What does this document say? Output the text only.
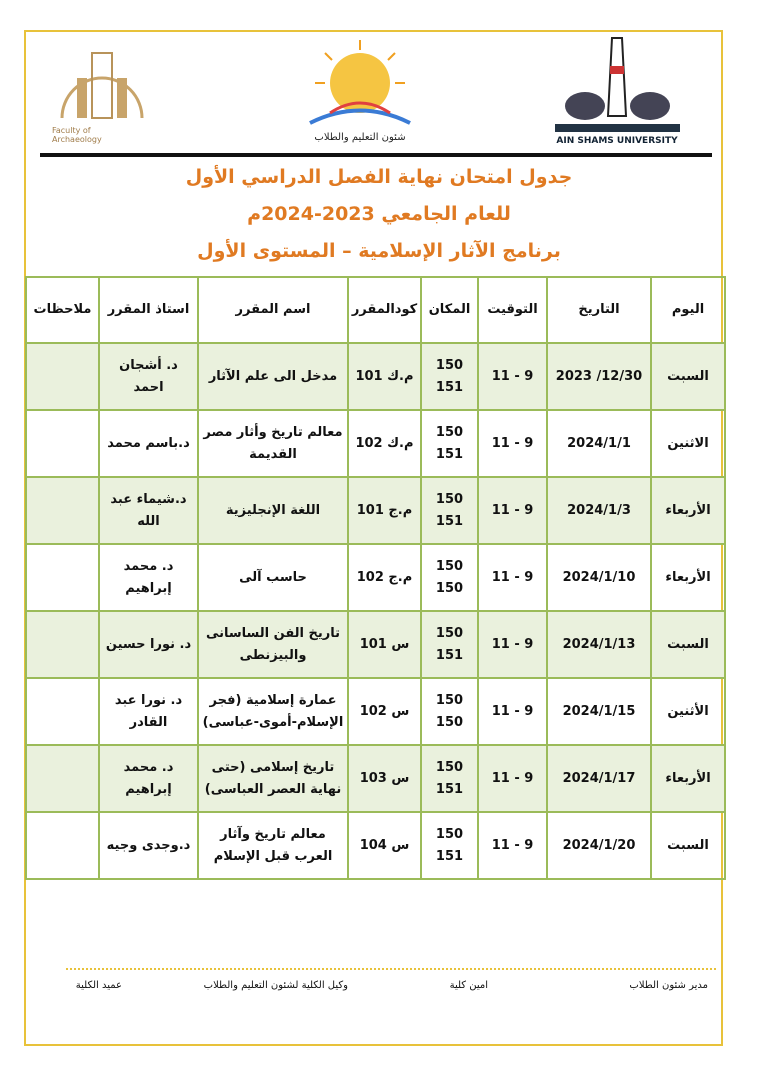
Faculty of
Archaeology	شئون التعليم والطلاب	AIN SHAMS UNIVERSITY
جدول امتحان نهاية الفصل الدراسي الأول
للعام الجامعي 2023-2024م
برنامج الآثار الإسلامية – المستوى الأول
اليوم	التاريخ	التوقيت	المكان	كودالمقرر	اسم المقرر	استاذ المقرر	ملاحظات
السبت	12/30/ 2023	9 - 11	150 151	م.ك 101	مدخل الى علم الآثار	د. أشجان احمد	
الاثنين	2024/1/1	9 - 11	150 151	م.ك 102	معالم تاريخ وأثار مصر القديمة	د.باسم محمد	
الأربعاء	2024/1/3	9 - 11	150 151	م.ج 101	اللغة الإنجليزية	د.شيماء عبد الله	
الأربعاء	2024/1/10	9 - 11	150 150	م.ج 102	حاسب آلى	د. محمد إبراهيم	
السبت	2024/1/13	9 - 11	150 151	س 101	تاريخ الفن الساسانى والبيزنطى	د. نورا حسين	
الأثنين	2024/1/15	9 - 11	150 150	س 102	عمارة إسلامية (فجر الإسلام-أموى-عباسى)	د. نورا عبد القادر	
الأربعاء	2024/1/17	9 - 11	150 151	س 103	تاريخ إسلامى (حتى نهاية العصر العباسى)	د. محمد إبراهيم	
السبت	2024/1/20	9 - 11	150 151	س 104	معالم تاريخ وآثار العرب قبل الإسلام	د.وجدى وجيه	
مدير شئون الطلاب
امين كلية
وكيل الكلية لشئون التعليم والطلاب
عميد الكلية
